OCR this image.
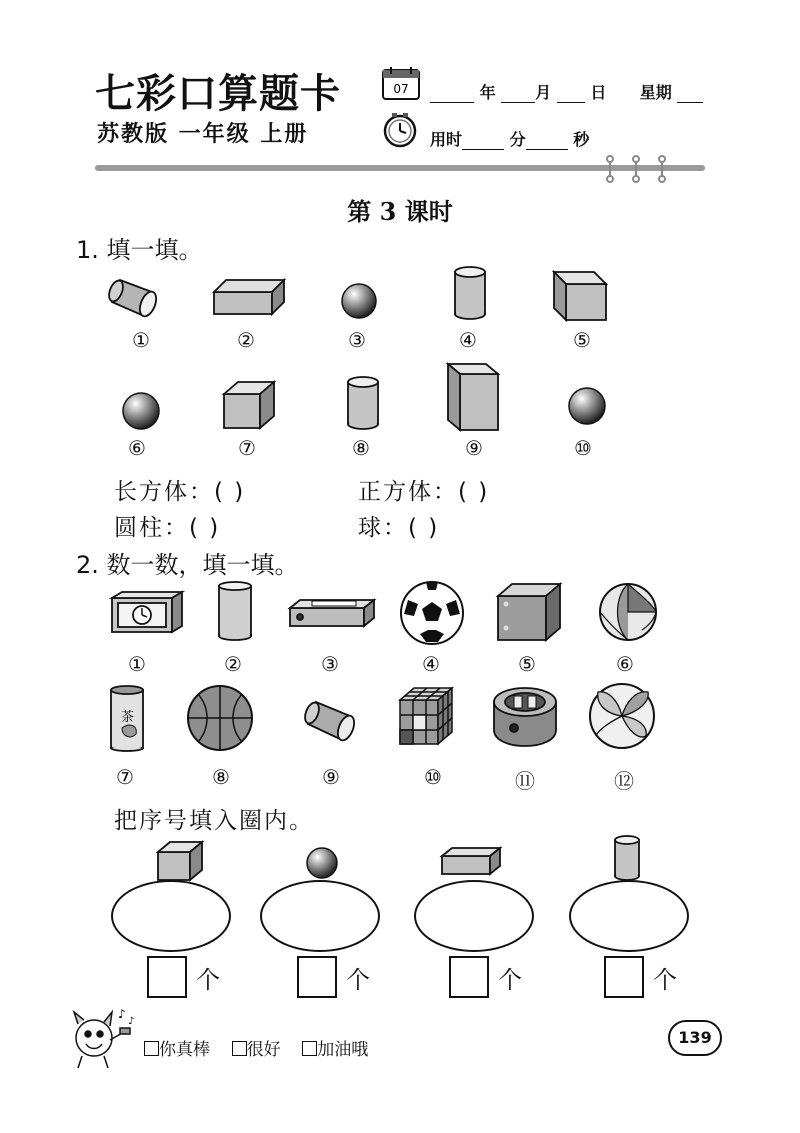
七彩口算题卡
苏教版 一年级 上册
07	年 月 日 星期
用时	分	秒
第 3 课时
1. 填一填。
①	②	③	④	⑤
⑥	⑦	⑧	⑨	⑩
长方体：( )	正方体：( )
圆柱：( )	球：( )
2. 数一数，填一填。
①	②	③	④	⑤	⑥
茶
⑦	⑧	⑨	⑩	⑪	⑫
把序号填入圈内。
个	个	个	个
♪
♪
你真棒 很好 加油哦
139
